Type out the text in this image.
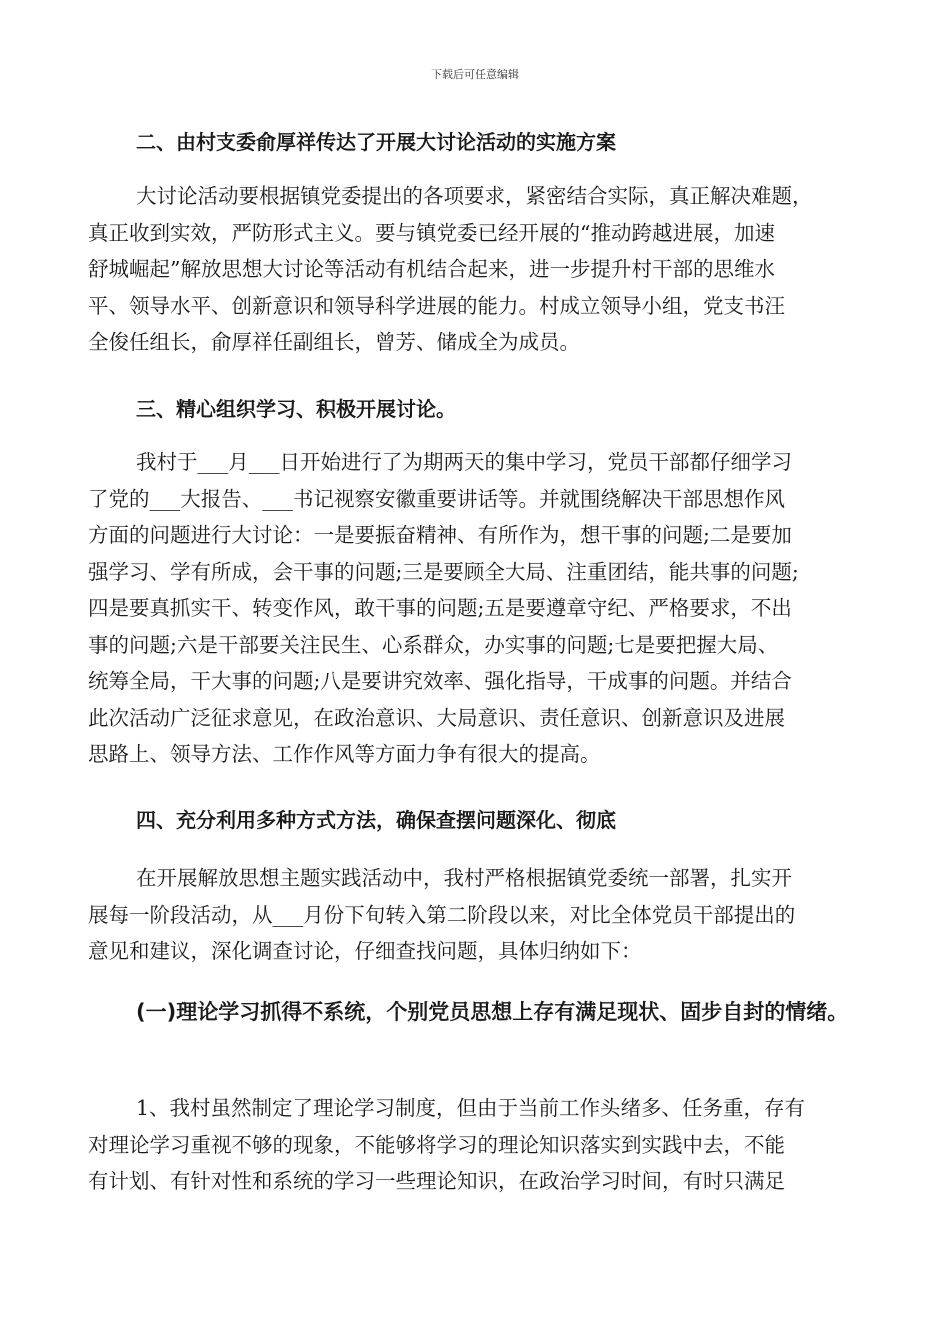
下载后可任意编辑
二、由村支委俞厚祥传达了开展大讨论活动的实施方案
大讨论活动要根据镇党委提出的各项要求，紧密结合实际，真正解决难题，
真正收到实效，严防形式主义。要与镇党委已经开展的“推动跨越进展，加速
舒城崛起”解放思想大讨论等活动有机结合起来，进一步提升村干部的思维水
平、领导水平、创新意识和领导科学进展的能力。村成立领导小组，党支书汪
全俊任组长，俞厚祥任副组长，曾芳、储成全为成员。
三、精心组织学习、积极开展讨论。
我村于___月___日开始进行了为期两天的集中学习，党员干部都仔细学习
了党的___大报告、___书记视察安徽重要讲话等。并就围绕解决干部思想作风
方面的问题进行大讨论：一是要振奋精神、有所作为，想干事的问题;二是要加
强学习、学有所成，会干事的问题;三是要顾全大局、注重团结，能共事的问题;
四是要真抓实干、转变作风，敢干事的问题;五是要遵章守纪、严格要求，不出
事的问题;六是干部要关注民生、心系群众，办实事的问题;七是要把握大局、
统筹全局，干大事的问题;八是要讲究效率、强化指导，干成事的问题。并结合
此次活动广泛征求意见，在政治意识、大局意识、责任意识、创新意识及进展
思路上、领导方法、工作作风等方面力争有很大的提高。
四、充分利用多种方式方法，确保查摆问题深化、彻底
在开展解放思想主题实践活动中，我村严格根据镇党委统一部署，扎实开
展每一阶段活动，从___月份下旬转入第二阶段以来，对比全体党员干部提出的
意见和建议，深化调查讨论，仔细查找问题，具体归纳如下：
(一)理论学习抓得不系统，个别党员思想上存有满足现状、固步自封的情绪。
1、我村虽然制定了理论学习制度，但由于当前工作头绪多、任务重，存有
对理论学习重视不够的现象，不能够将学习的理论知识落实到实践中去，不能
有计划、有针对性和系统的学习一些理论知识，在政治学习时间，有时只满足
